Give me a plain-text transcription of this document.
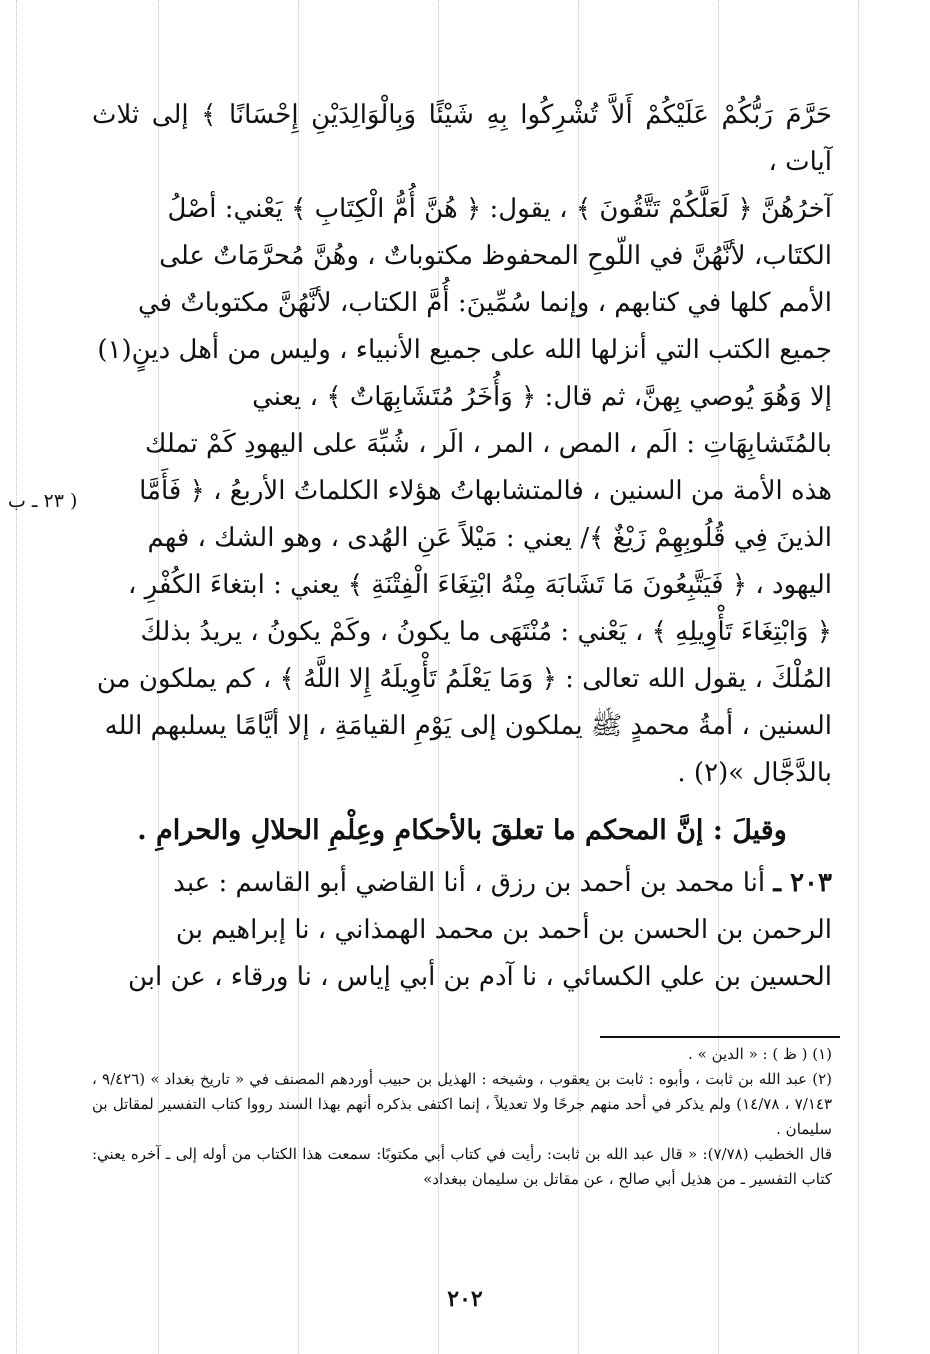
حَرَّمَ رَبُّكُمْ عَلَيْكُمْ أَلاَّ تُشْرِكُوا بِهِ شَيْئًا وَبِالْوَالِدَيْنِ إِحْسَانًا ﴾ إلى ثلاث آيات ،

آخرُهُنَّ ﴿ لَعَلَّكُمْ تَتَّقُونَ ﴾ ، يقول: ﴿ هُنَّ أُمُّ الْكِتَابِ ﴾ يَعْني: أصْلُ

الكتَاب، لأنَّهُنَّ في اللّوحِ المحفوظ مكتوباتٌ ، وهُنَّ مُحرَّمَاتٌ على

الأمم كلها في كتابهم ، وإنما سُمِّينَ: أُمَّ الكتاب، لأنَّهُنَّ مكتوباتٌ في

جميع الكتب التي أنزلها الله على جميع الأنبياء ، وليس من أهل دينٍ(١)

إلا وَهُوَ يُوصي بِهنَّ، ثم قال: ﴿ وَأُخَرُ مُتَشَابِهَاتٌ ﴾ ، يعني

بالمُتَشابِهَاتِ : الَم ، المص ، المر ، الَر ، شُبِّهَ على اليهودِ كَمْ تملك

هذه الأمة من السنين ، فالمتشابهاتُ هؤلاء الكلماتُ الأربعُ ، ﴿ فَأَمَّا

الذينَ فِي قُلُوبِهِمْ زَيْغٌ ﴾/ يعني : مَيْلاً عَنِ الهُدى ، وهو الشك ، فهم

اليهود ، ﴿ فَيَتَّبِعُونَ مَا تَشَابَهَ مِنْهُ ابْتِغَاءَ الْفِتْنَةِ ﴾ يعني : ابتغاءَ الكُفْرِ ،

﴿ وَابْتِغَاءَ تَأْوِيلِهِ ﴾ ، يَعْني : مُنْتَهَى ما يكونُ ، وكَمْ يكونُ ، يريدُ بذلكَ

المُلْكَ ، يقول الله تعالى : ﴿ وَمَا يَعْلَمُ تَأْوِيلَهُ إِلا اللَّهُ ﴾ ، كم يملكون من

السنين ، أمةُ محمدٍ ﷺ يملكون إلى يَوْمِ القيامَةِ ، إلا أيَّامًا يسلبهم الله

بالدَّجَّال »(٢) .

وقيلَ : إنَّ المحكم ما تعلقَ بالأحكامِ وعِلْمِ الحلالِ والحرامِ .

٢٠٣ ـ أنا محمد بن أحمد بن رزق ، أنا القاضي أبو القاسم : عبد

الرحمن بن الحسن بن أحمد بن محمد الهمذاني ، نا إبراهيم بن

الحسين بن علي الكسائي ، نا آدم بن أبي إياس ، نا ورقاء ، عن ابن

( ٢٣ ـ ب

(١) ( ظ ) : « الدين » .

(٢) عبد الله بن ثابت ، وأبوه : ثابت بن يعقوب ، وشيخه : الهذيل بن حبيب أوردهم المصنف في « تاريخ بغداد » (٩/٤٢٦ ، ٧/١٤٣ ، ١٤/٧٨) ولم يذكر في أحد منهم جرحًا ولا تعديلاً ، إنما اكتفى بذكره أنهم بهذا السند رووا كتاب التفسير لمقاتل بن سليمان .

قال الخطيب (٧/٧٨): « قال عبد الله بن ثابت: رأيت في كتاب أبي مكتوبًا: سمعت هذا الكتاب من أوله إلى ـ آخره يعني: كتاب التفسير ـ من هذيل أبي صالح ، عن مقاتل بن سليمان ببغداد»

٢٠٢
